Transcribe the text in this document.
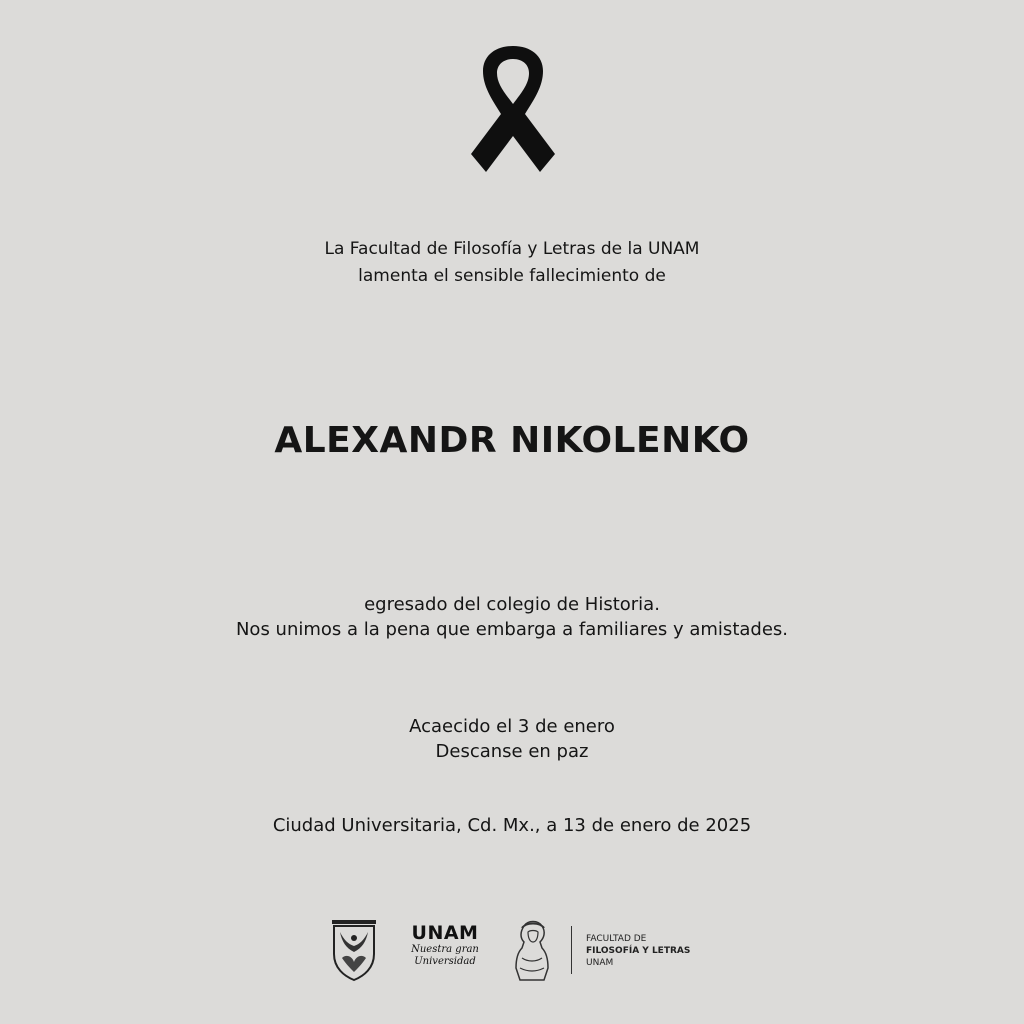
La Facultad de Filosofía y Letras de la UNAM
lamenta el sensible fallecimiento de
ALEXANDR NIKOLENKO
egresado del colegio de Historia.
Nos unimos a la pena que embarga a familiares y amistades.
Acaecido el 3 de enero
Descanse en paz
Ciudad Universitaria, Cd. Mx., a 13 de enero de 2025
UNAM
Nuestra gran
Universidad
FACULTAD DE
FILOSOFÍA Y LETRAS
UNAM
